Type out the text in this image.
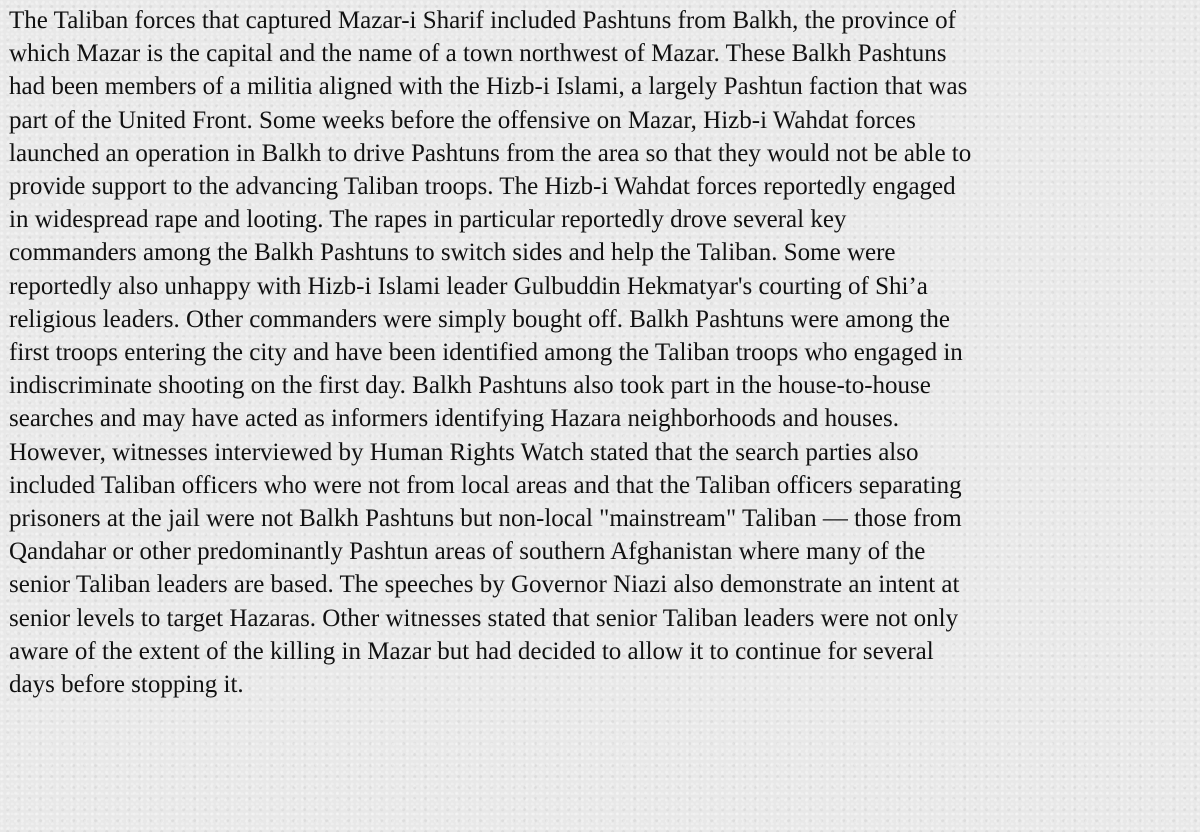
The Taliban forces that captured Mazar-i Sharif included Pashtuns from Balkh, the province of
which Mazar is the capital and the name of a town northwest of Mazar. These Balkh Pashtuns
had been members of a militia aligned with the Hizb-i Islami, a largely Pashtun faction that was
part of the United Front. Some weeks before the offensive on Mazar, Hizb-i Wahdat forces
launched an operation in Balkh to drive Pashtuns from the area so that they would not be able to
provide support to the advancing Taliban troops. The Hizb-i Wahdat forces reportedly engaged
in widespread rape and looting. The rapes in particular reportedly drove several key
commanders among the Balkh Pashtuns to switch sides and help the Taliban. Some were
reportedly also unhappy with Hizb-i Islami leader Gulbuddin Hekmatyar's courting of Shi’a
religious leaders. Other commanders were simply bought off. Balkh Pashtuns were among the
first troops entering the city and have been identified among the Taliban troops who engaged in
indiscriminate shooting on the first day. Balkh Pashtuns also took part in the house-to-house
searches and may have acted as informers identifying Hazara neighborhoods and houses.
However, witnesses interviewed by Human Rights Watch stated that the search parties also
included Taliban officers who were not from local areas and that the Taliban officers separating
prisoners at the jail were not Balkh Pashtuns but non-local "mainstream" Taliban — those from
Qandahar or other predominantly Pashtun areas of southern Afghanistan where many of the
senior Taliban leaders are based. The speeches by Governor Niazi also demonstrate an intent at
senior levels to target Hazaras. Other witnesses stated that senior Taliban leaders were not only
aware of the extent of the killing in Mazar but had decided to allow it to continue for several
days before stopping it.
